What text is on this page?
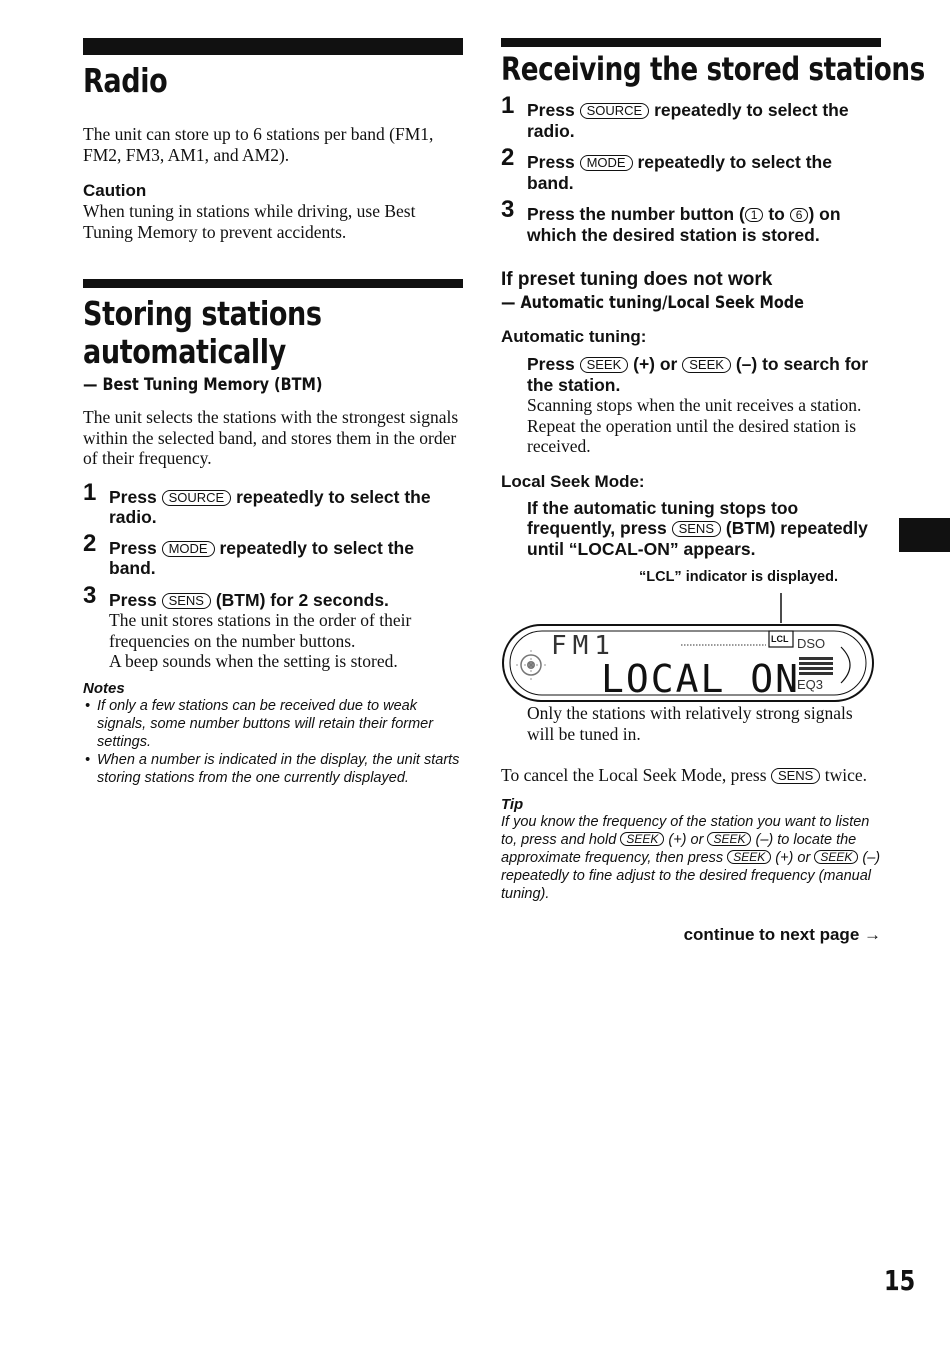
Radio

The unit can store up to 6 stations per band (FM1, FM2, FM3, AM1, and AM2).

Caution

When tuning in stations while driving, use Best Tuning Memory to prevent accidents.

Storing stations
automatically
— Best Tuning Memory (BTM)

The unit selects the stations with the strongest signals within the selected band, and stores them in the order of their frequency.

1 Press SOURCE repeatedly to select the radio.
2 Press MODE repeatedly to select the band.
3 Press SENS (BTM) for 2 seconds.
The unit stores stations in the order of their frequencies on the number buttons.
A beep sounds when the setting is stored.
Notes
• If only a few stations can be received due to weak signals, some number buttons will retain their former settings.
• When a number is indicated in the display, the unit starts storing stations from the one currently displayed.
Receiving the stored stations
1 Press SOURCE repeatedly to select the radio.
2 Press MODE repeatedly to select the band.
3 Press the number button ( 1 to 6 ) on which the desired station is stored.
If preset tuning does not work
— Automatic tuning/Local Seek Mode
Automatic tuning:
Press SEEK (+) or SEEK (–) to search for the station.

Scanning stops when the unit receives a station. Repeat the operation until the desired station is received.

Local Seek Mode:
If the automatic tuning stops too frequently, press SENS (BTM) repeatedly until “LOCAL-ON” appears.
“LCL” indicator is displayed.
FM1
LOCAL ON
LCL DSO
EQ3

Only the stations with relatively strong signals will be tuned in.

To cancel the Local Seek Mode, press SENS twice.

Tip
If you know the frequency of the station you want to listen to, press and hold SEEK (+) or SEEK (–) to locate the approximate frequency, then press SEEK (+) or SEEK (–) repeatedly to fine adjust to the desired frequency (manual tuning).
continue to next page →
15
